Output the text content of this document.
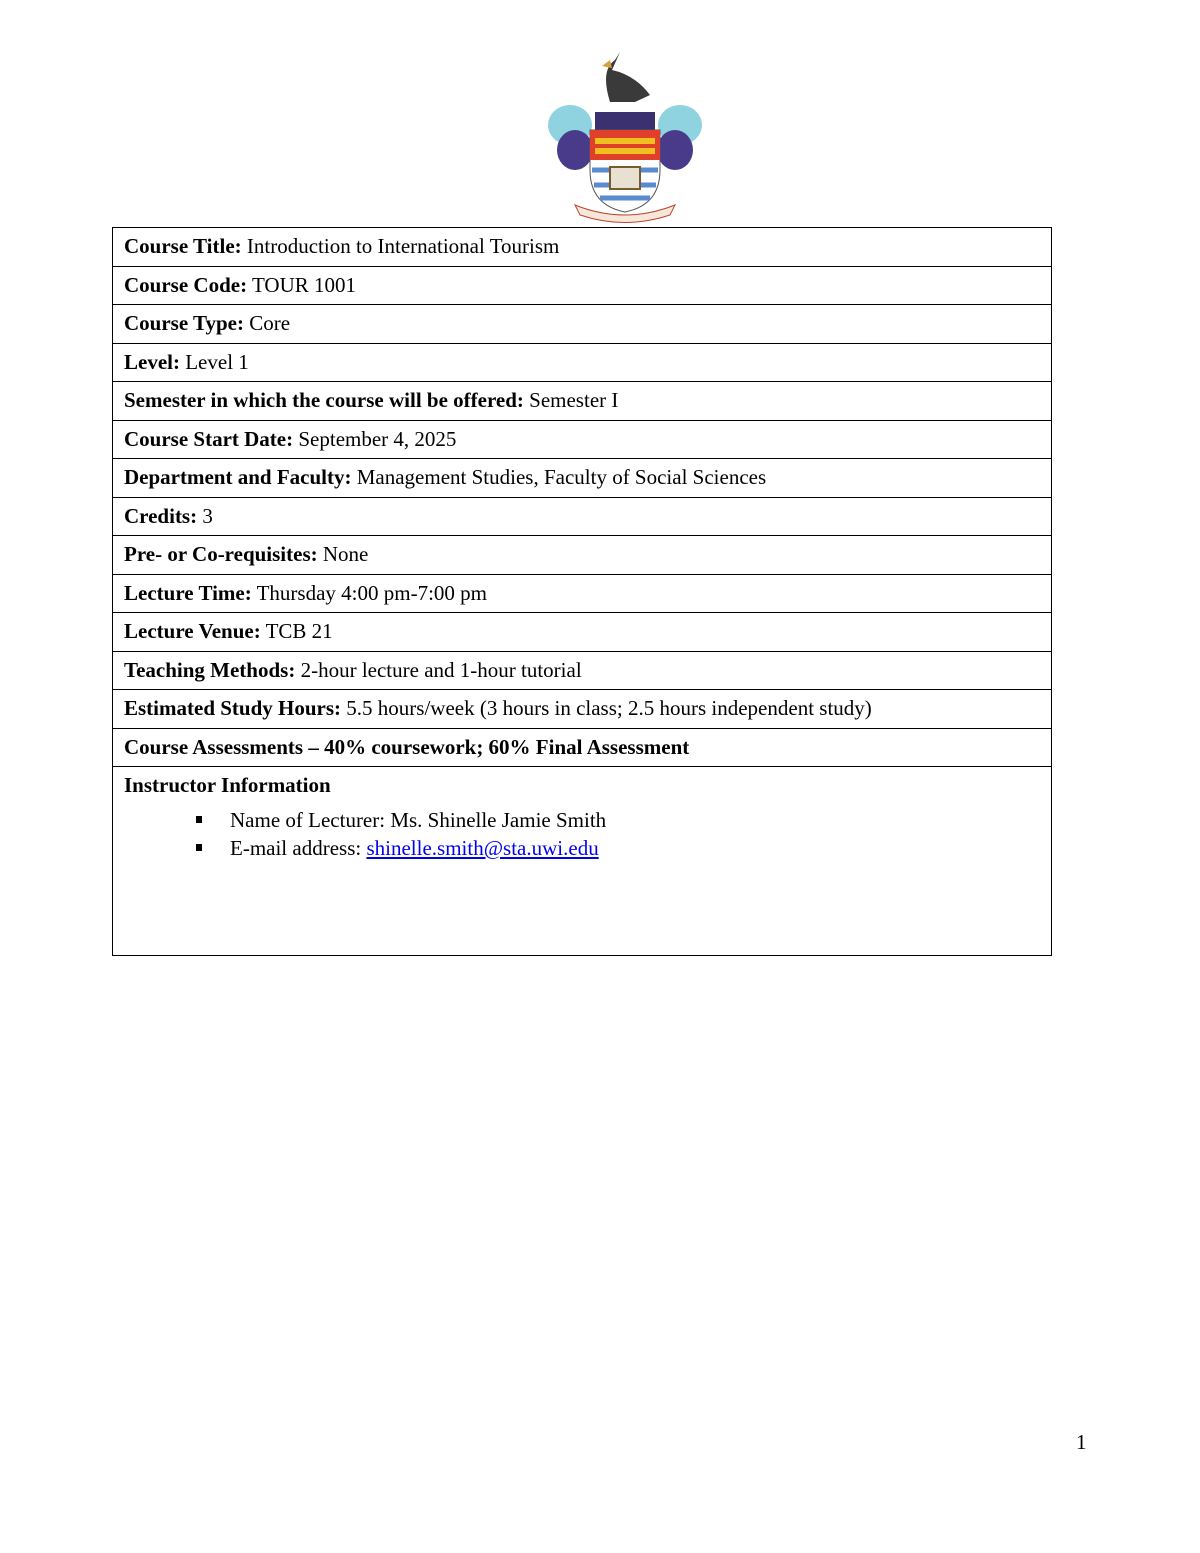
Course Title: Introduction to International Tourism
Course Code: TOUR 1001
Course Type: Core
Level: Level 1
Semester in which the course will be offered: Semester I
Course Start Date: September 4, 2025
Department and Faculty: Management Studies, Faculty of Social Sciences
Credits: 3
Pre- or Co-requisites: None
Lecture Time: Thursday 4:00 pm-7:00 pm
Lecture Venue: TCB 21
Teaching Methods: 2-hour lecture and 1-hour tutorial
Estimated Study Hours: 5.5 hours/week (3 hours in class; 2.5 hours independent study)
Course Assessments – 40% coursework; 60% Final Assessment
Instructor Information
Name of Lecturer: Ms. Shinelle Jamie Smith
E-mail address: shinelle.smith@sta.uwi.edu
1
